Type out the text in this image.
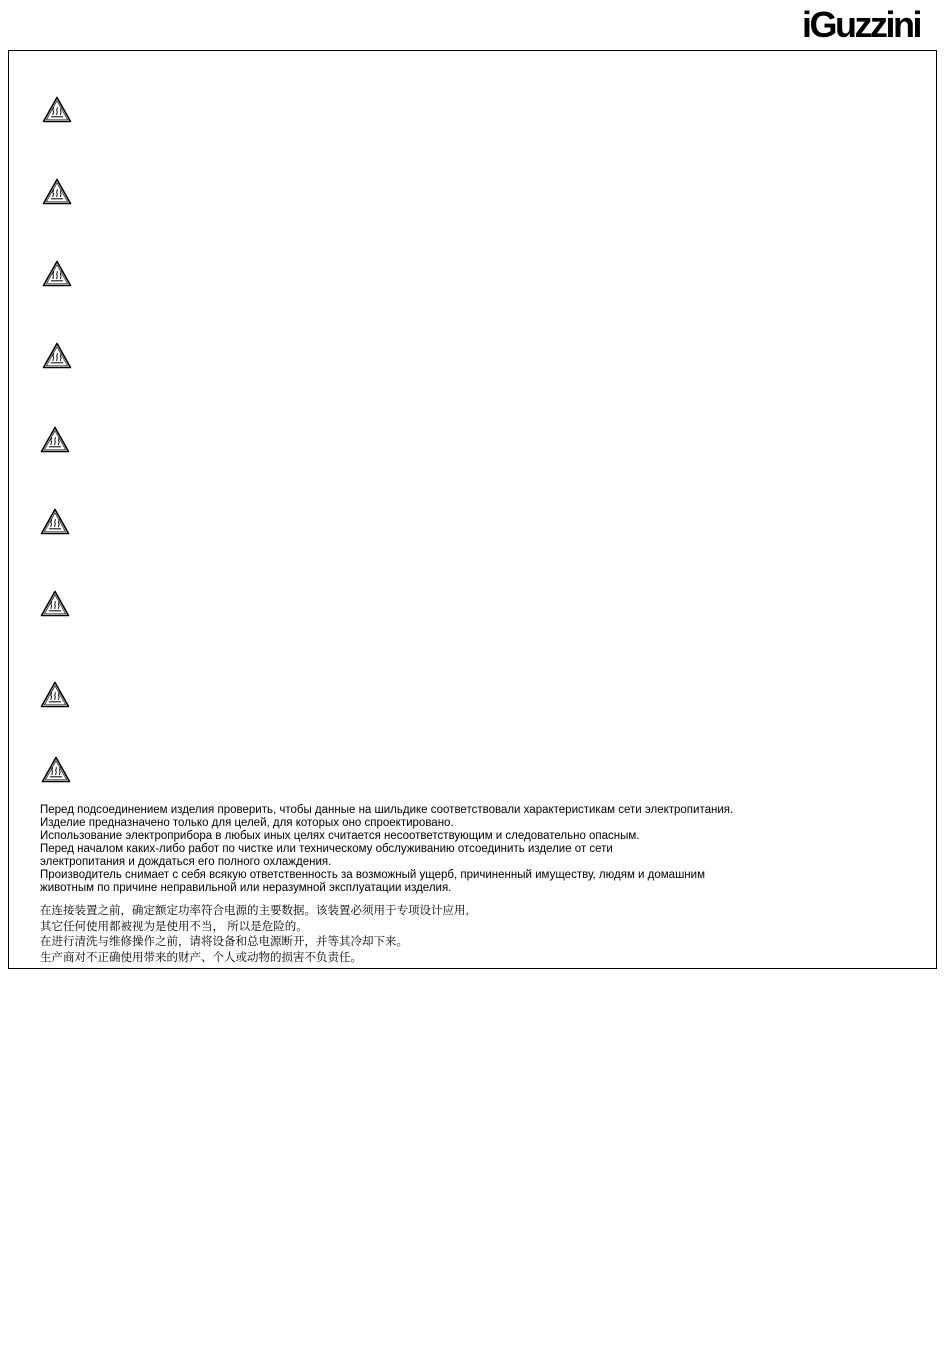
iGuzzini
Перед подсоединением изделия проверить, чтобы данные на шильдике соответствовали характеристикам сети электропитания.
Изделие предназначено только для целей, для которых оно спроектировано.
Использование электроприбора в любых иных целях считается несоответствующим и следовательно опасным.
Перед началом каких-либо работ по чистке или техническому обслуживанию отсоединить изделие от сети
электропитания и дождаться его полного охлаждения.
Производитель снимает с себя всякую ответственность за возможный ущерб, причиненный имуществу, людям и домашним
животным по причине неправильной или неразумной эксплуатации изделия.
在连接装置之前，确定额定功率符合电源的主要数据。该装置必须用于专项设计应用,
其它任何使用都被视为是使用不当， 所以是危险的。
在进行清洗与维修操作之前，请将设备和总电源断开，并等其冷却下来。
生产商对不正确使用带来的财产、个人或动物的损害不负责任。
